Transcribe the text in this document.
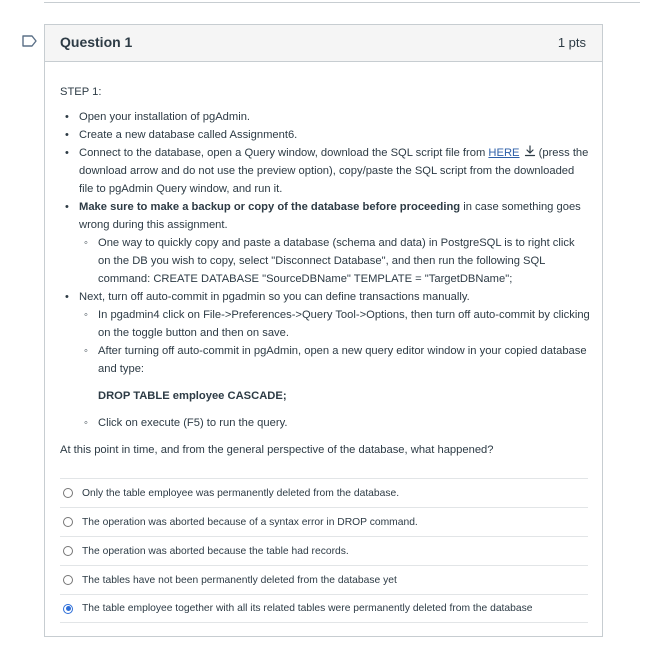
Question 1	1 pts
STEP 1:
• Open your installation of pgAdmin.
• Create a new database called Assignment6.
• Connect to the database, open a Query window, download the SQL script file from HERE (press the download arrow and do not use the preview option), copy/paste the SQL script from the downloaded file to pgAdmin Query window, and run it.
• Make sure to make a backup or copy of the database before proceeding in case something goes wrong during this assignment.
◦ One way to quickly copy and paste a database (schema and data) in PostgreSQL is to right click on the DB you wish to copy, select "Disconnect Database", and then run the following SQL command: CREATE DATABASE "SourceDBName" TEMPLATE = "TargetDBName";
• Next, turn off auto-commit in pgadmin so you can define transactions manually.
◦ In pgadmin4 click on File->Preferences->Query Tool->Options, then turn off auto-commit by clicking on the toggle button and then on save.
◦ After turning off auto-commit in pgAdmin, open a new query editor window in your copied database and type:
DROP TABLE employee CASCADE;
◦ Click on execute (F5) to run the query.
At this point in time, and from the general perspective of the database, what happened?
Only the table employee was permanently deleted from the database.
The operation was aborted because of a syntax error in DROP command.
The operation was aborted because the table had records.
The tables have not been permanently deleted from the database yet
The table employee together with all its related tables were permanently deleted from the database
